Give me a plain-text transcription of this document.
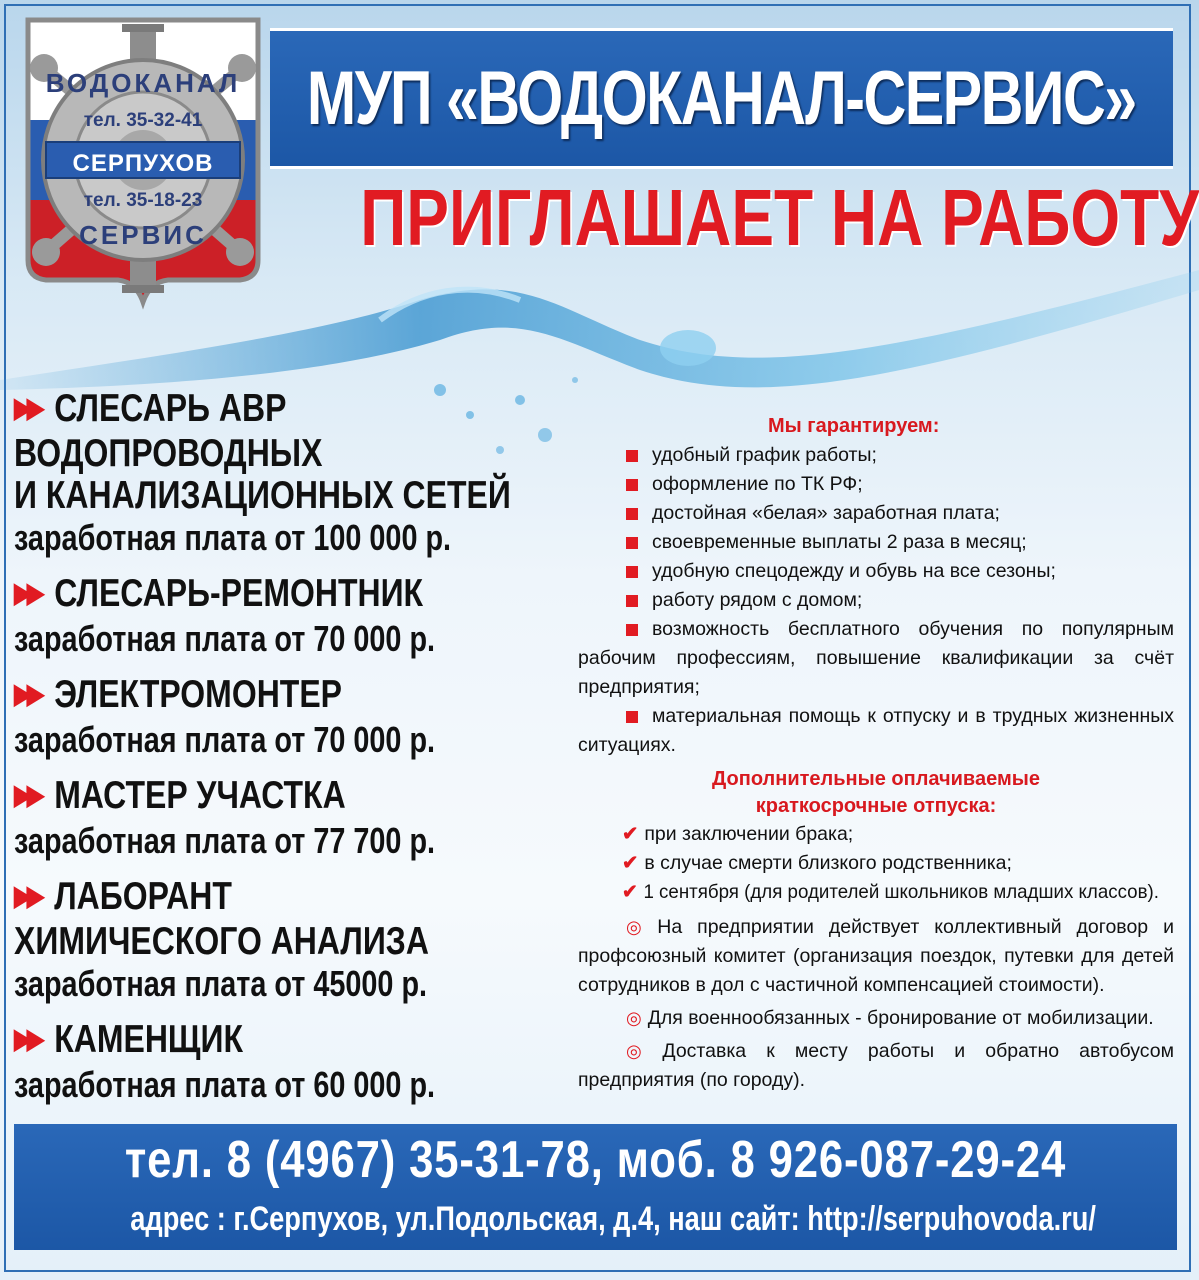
ВОДОКАНАЛ
тел. 35-32-41
СЕРПУХОВ
тел. 35-18-23
СЕРВИС
МУП «ВОДОКАНАЛ-СЕРВИС»
ПРИГЛАШАЕТ НА РАБОТУ
▶▶ СЛЕСАРЬ АВР
ВОДОПРОВОДНЫХ
И КАНАЛИЗАЦИОННЫХ СЕТЕЙ
заработная плата от 100 000 р.
▶▶ СЛЕСАРЬ-РЕМОНТНИК
заработная плата от 70 000 р.
▶▶ ЭЛЕКТРОМОНТЕР
заработная плата от 70 000 р.
▶▶ МАСТЕР УЧАСТКА
заработная плата от 77 700 р.
▶▶ ЛАБОРАНТ
ХИМИЧЕСКОГО АНАЛИЗА
заработная плата от 45000 р.
▶▶ КАМЕНЩИК
заработная плата от 60 000 р.
Мы гарантируем:
удобный график работы;
оформление по ТК РФ;
достойная «белая» заработная плата;
своевременные выплаты 2 раза в месяц;
удобную спецодежду и обувь на все сезоны;
работу рядом с домом;
возможность бесплатного обучения по популярным рабочим профессиям, повышение квалификации за счёт предприятия;
материальная помощь к отпуску и в трудных жизненных ситуациях.
Дополнительные оплачиваемые
краткосрочные отпуска:
✔ при заключении брака;
✔ в случае смерти близкого родственника;
✔ 1 сентября (для родителей школьников младших классов).
◎ На предприятии действует коллективный договор и профсоюзный комитет (организация поездок, путевки для детей сотрудников в дол с частичной компенсацией стоимости).
◎ Для военнообязанных - бронирование от мобилизации.
◎ Доставка к месту работы и обратно автобусом предприятия (по городу).
тел. 8 (4967) 35-31-78, моб. 8 926-087-29-24
адрес : г.Серпухов, ул.Подольская, д.4, наш сайт: http://serpuhovoda.ru/
